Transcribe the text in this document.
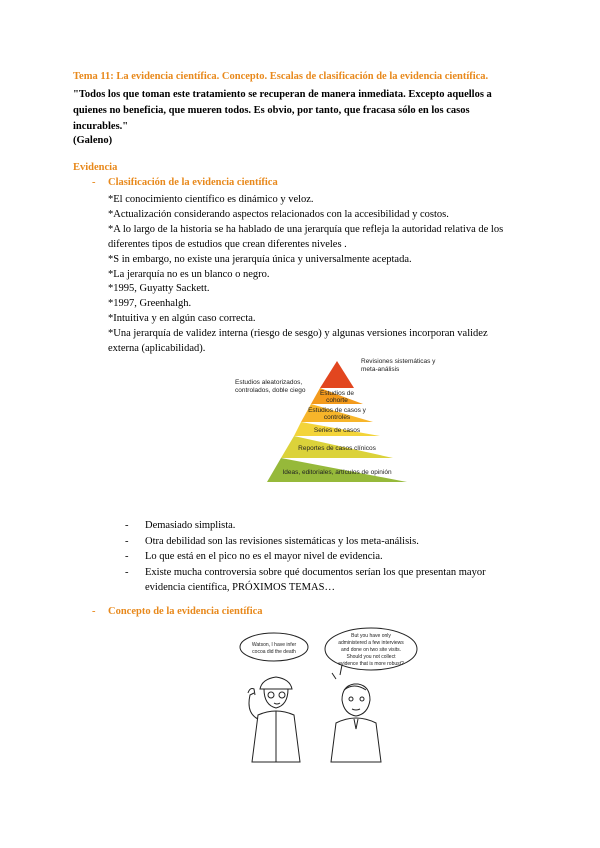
Tema 11: La evidencia científica. Concepto. Escalas de clasificación de la evidencia científica.
"Todos los que toman este tratamiento se recuperan de manera inmediata. Excepto aquellos a
quienes no beneficia, que mueren todos. Es obvio, por tanto, que fracasa sólo en los casos
incurables."
(Galeno)
Evidencia
- Clasificación de la evidencia científica
*El conocimiento científico es dinámico y veloz.
*Actualización considerando aspectos relacionados con la accesibilidad y costos.
*A lo largo de la historia se ha hablado de una jerarquía que refleja la autoridad relativa de los
diferentes tipos de estudios que crean diferentes niveles .
*S in embargo, no existe una jerarquía única y universalmente aceptada.
*La jerarquía no es un blanco o negro.
*1995, Guyatty Sackett.
*1997, Greenhalgh.
*Intuitiva y en algún caso correcta.
*Una jerarquía de validez interna (riesgo de sesgo) y algunas versiones incorporan validez
externa (aplicabilidad).
Estudios de
cohorte
Estudios de casos y
controles
Series de casos
Reportes de casos clínicos
Ideas, editoriales, artículos de opinión
Estudios aleatorizados,
controlados, doble ciego
Revisiones sistemáticas y
meta-análisis
-	Demasiado simplista.
-	Otra debilidad son las revisiones sistemáticas y los meta-análisis.
-	Lo que está en el pico no es el mayor nivel de evidencia.
-	Existe mucha controversia sobre qué documentos serían los que presentan mayor
evidencia científica, PRÓXIMOS TEMAS…
- Concepto de la evidencia científica
Watson, I have infer
cocoa did the death
But you have only
administered a few interviews
and done on two site visits.
Should you not collect
evidence that is more robust?
